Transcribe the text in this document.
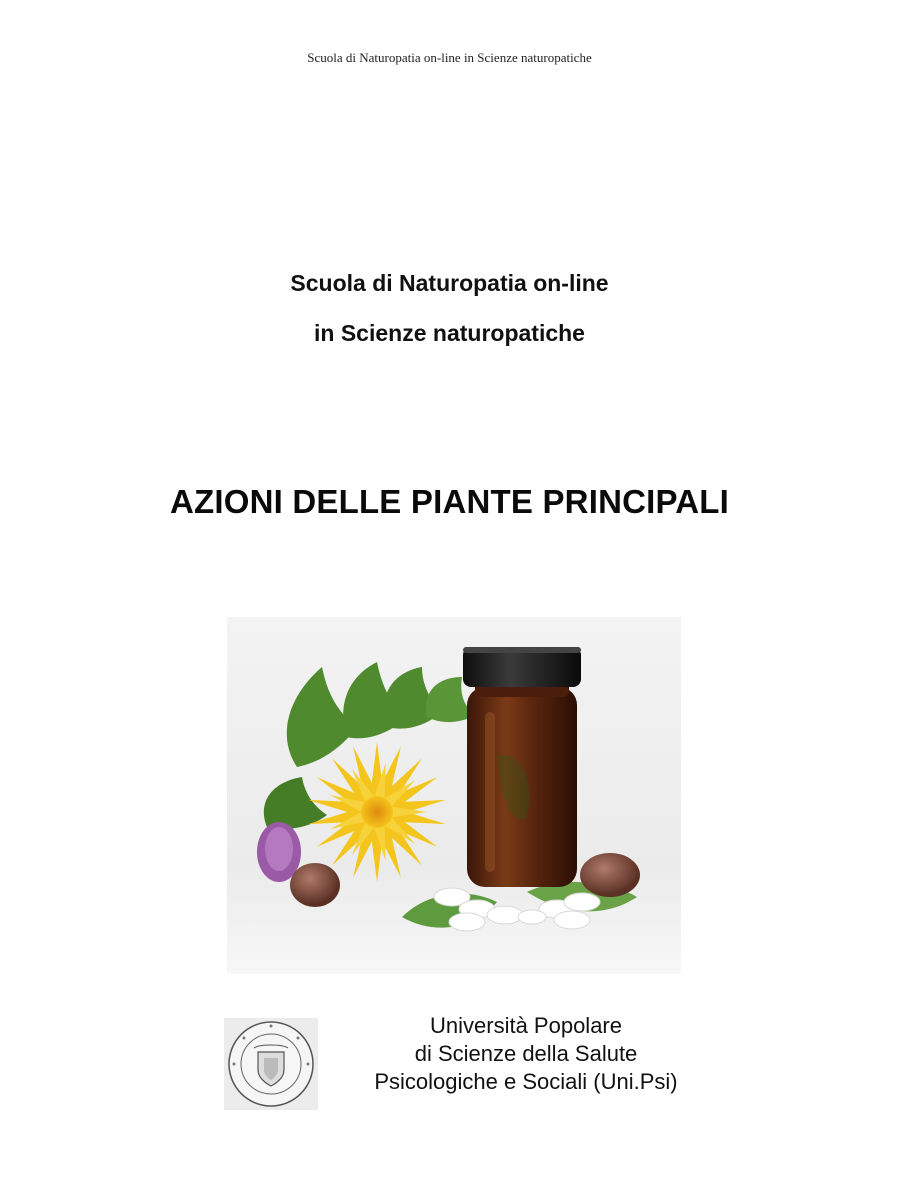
Scuola di Naturopatia on-line in Scienze naturopatiche
Scuola di Naturopatia on-line
in Scienze naturopatiche
AZIONI DELLE PIANTE PRINCIPALI
Università Popolare
di Scienze della Salute
Psicologiche e Sociali (Uni.Psi)
